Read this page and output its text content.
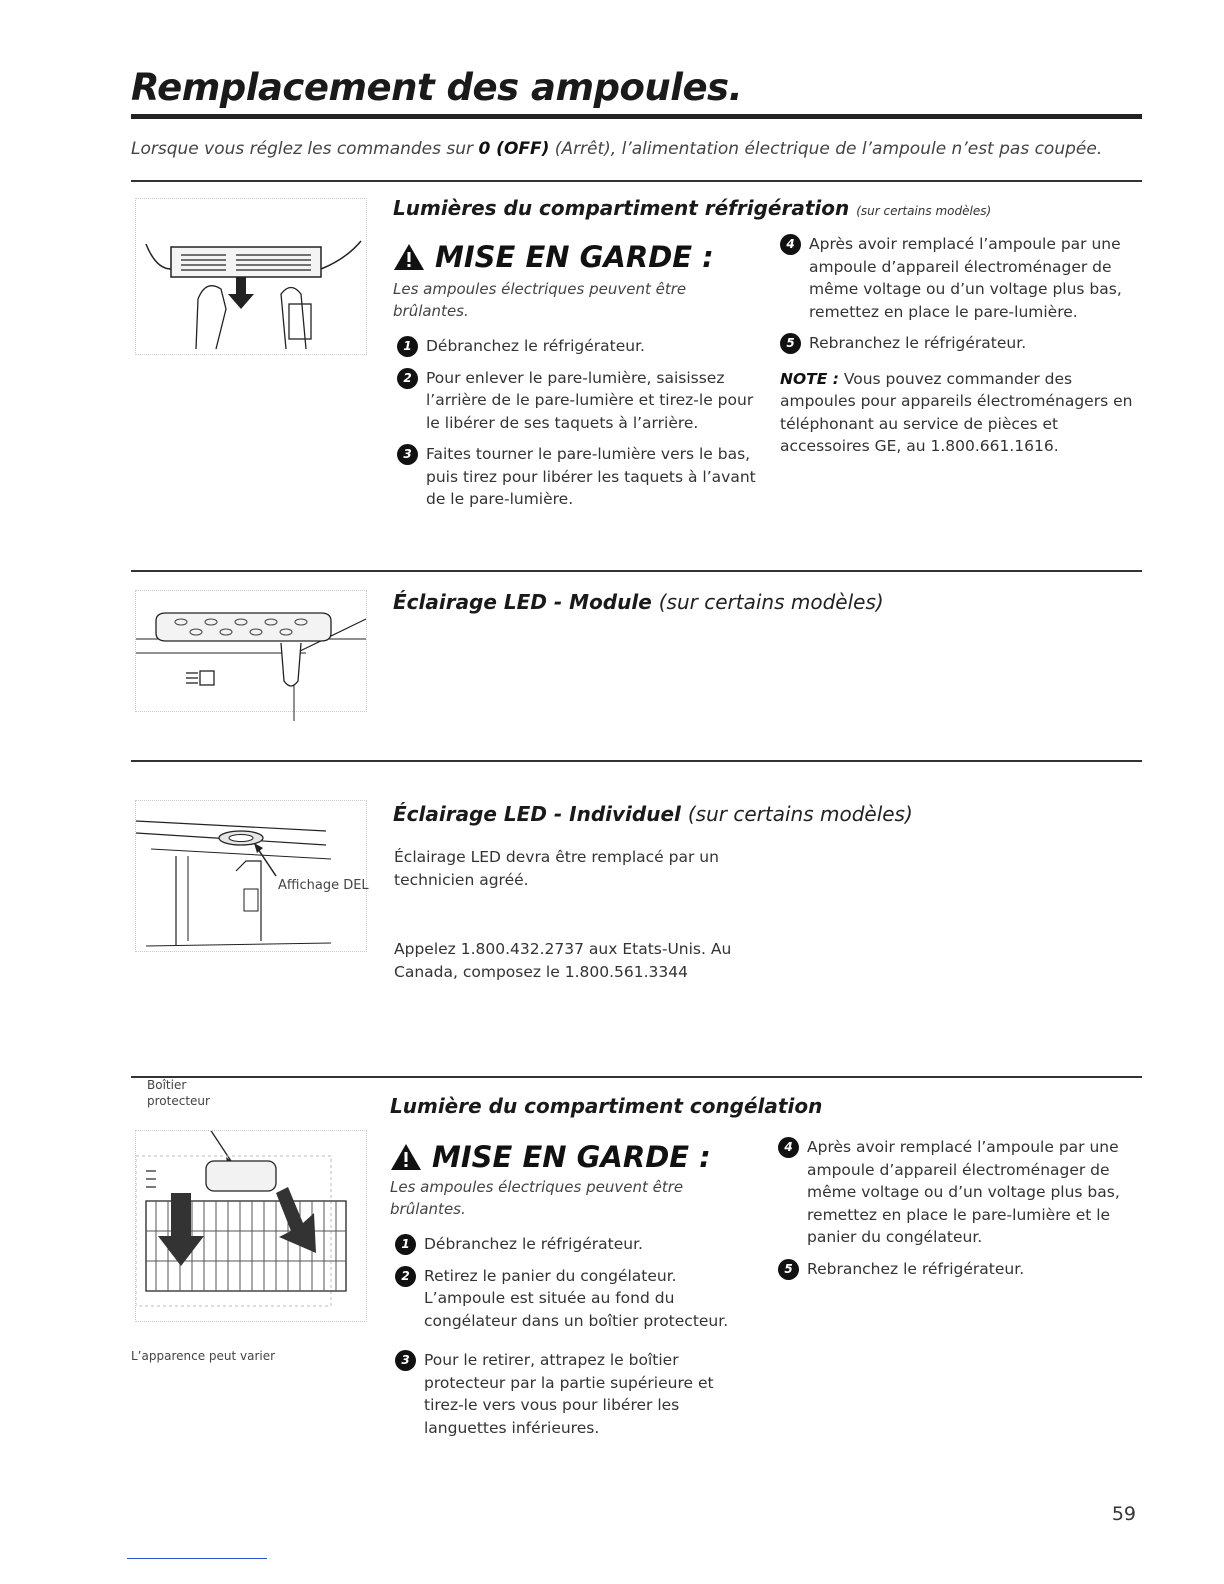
Remplacement des ampoules.
Lorsque vous réglez les commandes sur 0 (OFF) (Arrêt), l’alimentation électrique de l’ampoule n’est pas coupée.
Lumières du compartiment réfrigération (sur certains modèles)
MISE EN GARDE :
Les ampoules électriques peuvent être brûlantes.
1 Débranchez le réfrigérateur.
2 Pour enlever le pare-lumière, saisissez l’arrière de le pare-lumière et tirez-le pour le libérer de ses taquets à l’arrière.
3 Faites tourner le pare-lumière vers le bas, puis tirez pour libérer les taquets à l’avant de le pare-lumière.
4 Après avoir remplacé l’ampoule par une ampoule d’appareil électroménager de même voltage ou d’un voltage plus bas, remettez en place le pare-lumière.
5 Rebranchez le réfrigérateur.
NOTE : Vous pouvez commander des ampoules pour appareils électroménagers en téléphonant au service de pièces et accessoires GE, au 1.800.661.1616.
Éclairage LED - Module (sur certains modèles)
Affichage DEL
Éclairage LED - Individuel (sur certains modèles)
Éclairage LED devra être remplacé par un technicien agréé.
Appelez 1.800.432.2737 aux Etats-Unis. Au Canada, composez le 1.800.561.3344
Boîtier protecteur
L’apparence peut varier
Lumière du compartiment congélation
MISE EN GARDE :
Les ampoules électriques peuvent être brûlantes.
1 Débranchez le réfrigérateur.
2 Retirez le panier du congélateur. L’ampoule est située au fond du congélateur dans un boîtier protecteur.
3 Pour le retirer, attrapez le boîtier protecteur par la partie supérieure et tirez-le vers vous pour libérer les languettes inférieures.
4 Après avoir remplacé l’ampoule par une ampoule d’appareil électroménager de même voltage ou d’un voltage plus bas, remettez en place le pare-lumière et le panier du congélateur.
5 Rebranchez le réfrigérateur.
59
